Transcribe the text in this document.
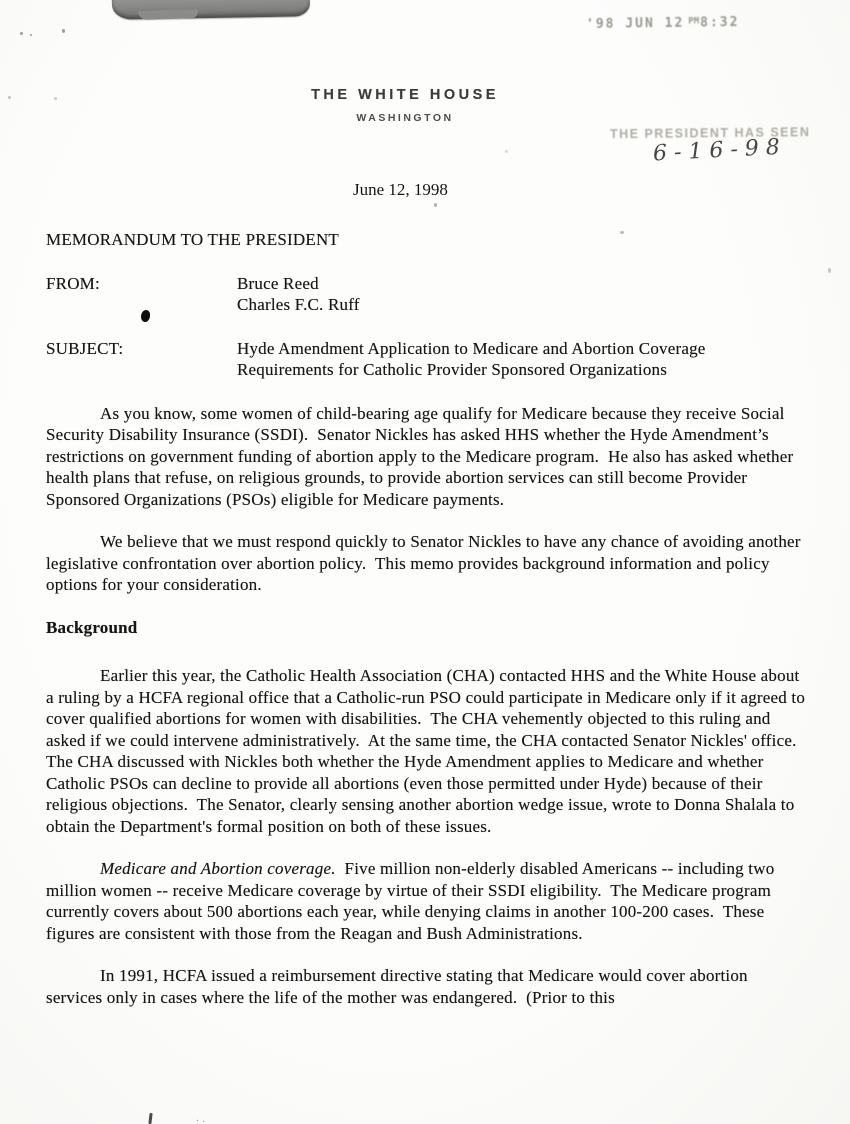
. .·
'98 JUN 12 $^{PM}$8:32
THE WHITE HOUSE
WASHINGTON
THE PRESIDENT HAS SEEN
6-16-98
June 12, 1998
MEMORANDUM TO THE PRESIDENT
FROM:	Bruce Reed
Charles F.C. Ruff
SUBJECT:	Hyde Amendment Application to Medicare and Abortion Coverage
Requirements for Catholic Provider Sponsored Organizations

As you know, some women of child-bearing age qualify for Medicare because they receive Social Security Disability Insurance (SSDI).  Senator Nickles has asked HHS whether the Hyde Amendment’s restrictions on government funding of abortion apply to the Medicare program.  He also has asked whether health plans that refuse, on religious grounds, to provide abortion services can still become Provider Sponsored Organizations (PSOs) eligible for Medicare payments.

We believe that we must respond quickly to Senator Nickles to have any chance of avoiding another legislative confrontation over abortion policy.  This memo provides background information and policy options for your consideration.

Background

Earlier this year, the Catholic Health Association (CHA) contacted HHS and the White House about a ruling by a HCFA regional office that a Catholic-run PSO could participate in Medicare only if it agreed to cover qualified abortions for women with disabilities.  The CHA vehemently objected to this ruling and asked if we could intervene administratively.  At the same time, the CHA contacted Senator Nickles' office.  The CHA discussed with Nickles both whether the Hyde Amendment applies to Medicare and whether Catholic PSOs can decline to provide all abortions (even those permitted under Hyde) because of their religious objections.  The Senator, clearly sensing another abortion wedge issue, wrote to Donna Shalala to obtain the Department's formal position on both of these issues.

Medicare and Abortion coverage.  Five million non-elderly disabled Americans -- including two million women -- receive Medicare coverage by virtue of their SSDI eligibility.  The Medicare program currently covers about 500 abortions each year, while denying claims in another 100-200 cases.  These figures are consistent with those from the Reagan and Bush Administrations.

In 1991, HCFA issued a reimbursement directive stating that Medicare would cover abortion services only in cases where the life of the mother was endangered.  (Prior to this
